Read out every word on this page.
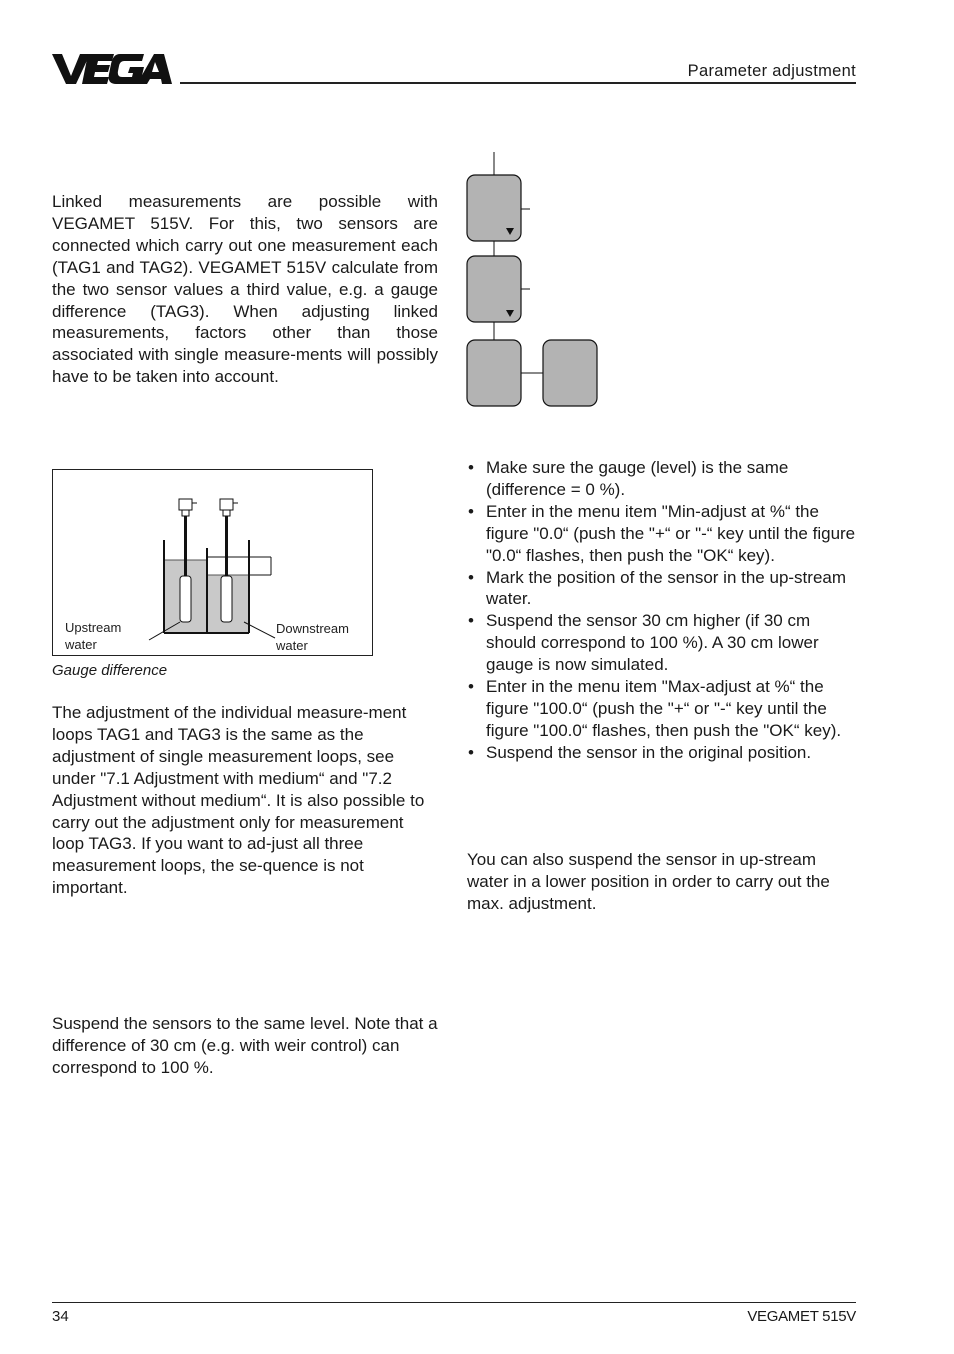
Parameter adjustment
Linked measurements are possible with VEGAMET 515V. For this, two sensors are connected which carry out one measurement each (TAG1 and TAG2). VEGAMET 515V calculate from the two sensor values a third value, e.g. a gauge difference (TAG3). When adjusting linked measurements, factors other than those associated with single measure-ments will possibly have to be taken into account.
Upstream
water
Downstream
water
Gauge difference
The adjustment of the individual measure-ment loops TAG1 and TAG3 is the same as the adjustment of single measurement loops, see under "7.1 Adjustment with medium“ and "7.2 Adjustment without medium“. It is also possible to carry out the adjustment only for measurement loop TAG3. If you want to ad-just all three measurement loops, the se-quence is not important.
Suspend the sensors to the same level. Note that a difference of 30 cm (e.g. with weir control) can correspond to 100 %.
• Make sure the gauge (level) is the same (difference = 0 %).
• Enter in the menu item "Min-adjust at %“ the figure "0.0“ (push the "+“ or "-“ key until the figure "0.0“ flashes, then push the "OK“ key).
• Mark the position of the sensor in the up-stream water.
• Suspend the sensor 30 cm higher (if 30 cm should correspond to 100 %). A 30 cm lower gauge is now simulated.
• Enter in the menu item "Max-adjust at %“ the figure "100.0“ (push the "+“ or "-“ key until the figure "100.0“ flashes, then push the "OK“ key).
• Suspend the sensor in the original position.
You can also suspend the sensor in up-stream water in a lower position in order to carry out the max. adjustment.
34	VEGAMET 515V
